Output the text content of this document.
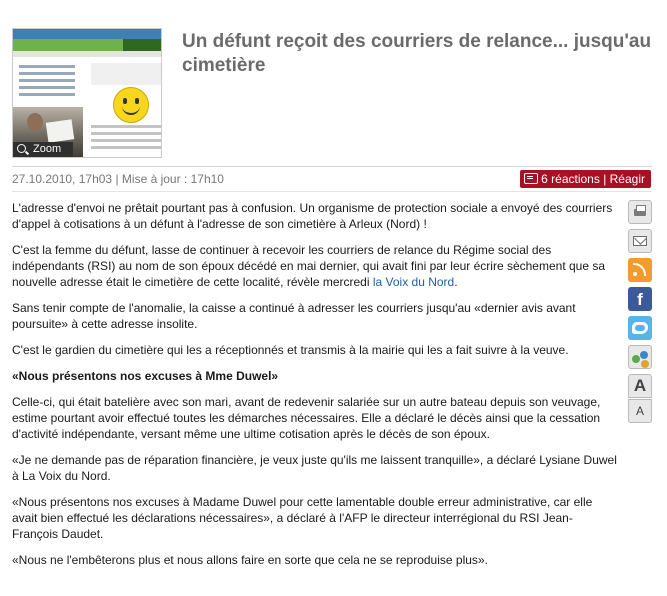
Zoom
Un défunt reçoit des courriers de relance... jusqu'au cimetière
27.10.2010, 17h03 | Mise à jour : 17h10	6 réactions | Réagir

L'adresse d'envoi ne prêtait pourtant pas à confusion. Un organisme de protection sociale a envoyé des courriers d'appel à cotisations à un défunt à l'adresse de son cimetière à Arleux (Nord) !

C'est la femme du défunt, lasse de continuer à recevoir les courriers de relance du Régime social des indépendants (RSI) au nom de son époux décédé en mai dernier, qui avait fini par leur écrire sèchement que sa nouvelle adresse était le cimetière de cette localité, révèle mercredi la Voix du Nord.

Sans tenir compte de l'anomalie, la caisse a continué à adresser les courriers jusqu'au «dernier avis avant poursuite» à cette adresse insolite.

C'est le gardien du cimetière qui les a réceptionnés et transmis à la mairie qui les a fait suivre à la veuve.

«Nous présentons nos excuses à Mme Duwel»

Celle-ci, qui était batelière avec son mari, avant de redevenir salariée sur un autre bateau depuis son veuvage, estime pourtant avoir effectué toutes les démarches nécessaires. Elle a déclaré le décès ainsi que la cessation d'activité indépendante, versant même une ultime cotisation après le décès de son époux.

«Je ne demande pas de réparation financière, je veux juste qu'ils me laissent tranquille», a déclaré Lysiane Duwel à La Voix du Nord.

«Nous présentons nos excuses à Madame Duwel pour cette lamentable double erreur administrative, car elle avait bien effectué les déclarations nécessaires», a déclaré à l'AFP le directeur interrégional du RSI Jean-François Daudet.

«Nous ne l'embêterons plus et nous allons faire en sorte que cela ne se reproduise plus».

f
A
A
